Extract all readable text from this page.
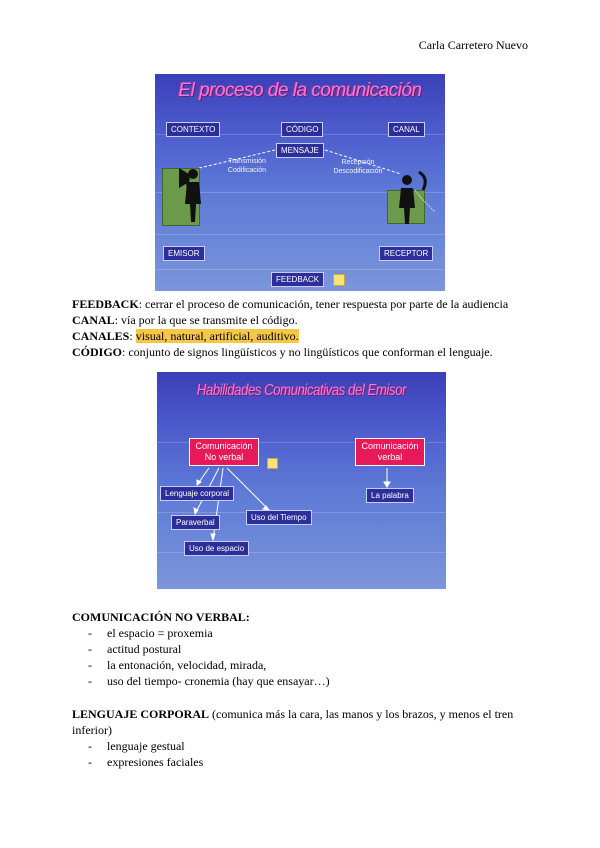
Carla Carretero Nuevo
El proceso de la comunicación
CONTEXTO	CÓDIGO	CANAL
MENSAJE
Transmisión
Codificación
Recepción
Descodificación
EMISOR	RECEPTOR
FEEDBACK
FEEDBACK: cerrar el proceso de comunicación, tener respuesta por parte de la audiencia
CANAL: vía por la que se transmite el código.
CANALES: visual, natural, artificial, auditivo.
CÓDIGO: conjunto de signos lingüísticos y no lingüísticos que conforman el lenguaje.
Habilidades Comunicativas del Emisor
Comunicación
No verbal
Comunicación
verbal
Lenguaje corporal
Paraverbal
Uso del Tiempo
Uso de espacio
La palabra
COMUNICACIÓN NO VERBAL:
- el espacio = proxemia
- actitud postural
- la entonación, velocidad, mirada,
- uso del tiempo- cronemia (hay que ensayar…)
LENGUAJE CORPORAL (comunica más la cara, las manos y los brazos, y menos el tren inferior)
- lenguaje gestual
- expresiones faciales
